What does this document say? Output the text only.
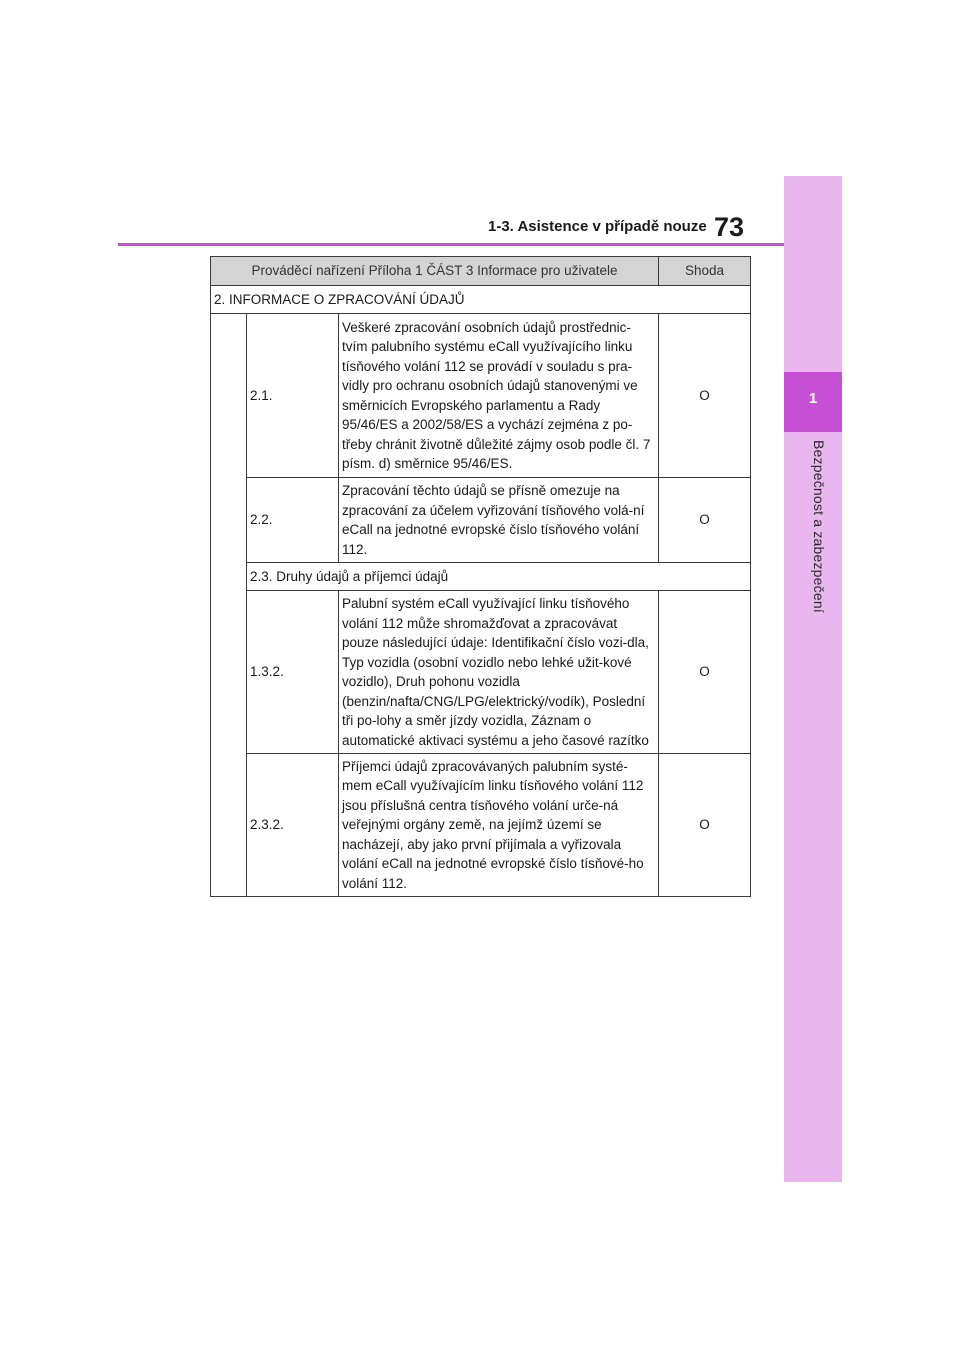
1
Bezpečnost a zabezpečení
1-3. Asistence v případě nouze 73
Prováděcí nařízení Příloha 1 ČÁST 3 Informace pro uživatele			Shoda
2. INFORMACE O ZPRACOVÁNÍ ÚDAJŮ			
	2.1.	Veškeré zpracování osobních údajů prostřednic-tvím palubního systému eCall využívajícího linku tísňového volání 112 se provádí v souladu s pra-vidly pro ochranu osobních údajů stanovenými ve směrnicích Evropského parlamentu a Rady 95/46/ES a 2002/58/ES a vychází zejména z po-třeby chránit životně důležité zájmy osob podle čl. 7 písm. d) směrnice 95/46/ES.	O
	2.2.	Zpracování těchto údajů se přísně omezuje na zpracování za účelem vyřizování tísňového volá-ní eCall na jednotné evropské číslo tísňového volání 112.	O
	2.3. Druhy údajů a příjemci údajů		
	1.3.2.	Palubní systém eCall využívající linku tísňového volání 112 může shromažďovat a zpracovávat pouze následující údaje: Identifikační číslo vozi-dla, Typ vozidla (osobní vozidlo nebo lehké užit-kové vozidlo), Druh pohonu vozidla (benzin/nafta/CNG/LPG/elektrický/vodík), Poslední tři po-lohy a směr jízdy vozidla, Záznam o automatické aktivaci systému a jeho časové razítko	O
	2.3.2.	Příjemci údajů zpracovávaných palubním systé-mem eCall využívajícím linku tísňového volání 112 jsou příslušná centra tísňového volání urče-ná veřejnými orgány země, na jejímž území se nacházejí, aby jako první přijímala a vyřizovala volání eCall na jednotné evropské číslo tísňové-ho volání 112.	O
